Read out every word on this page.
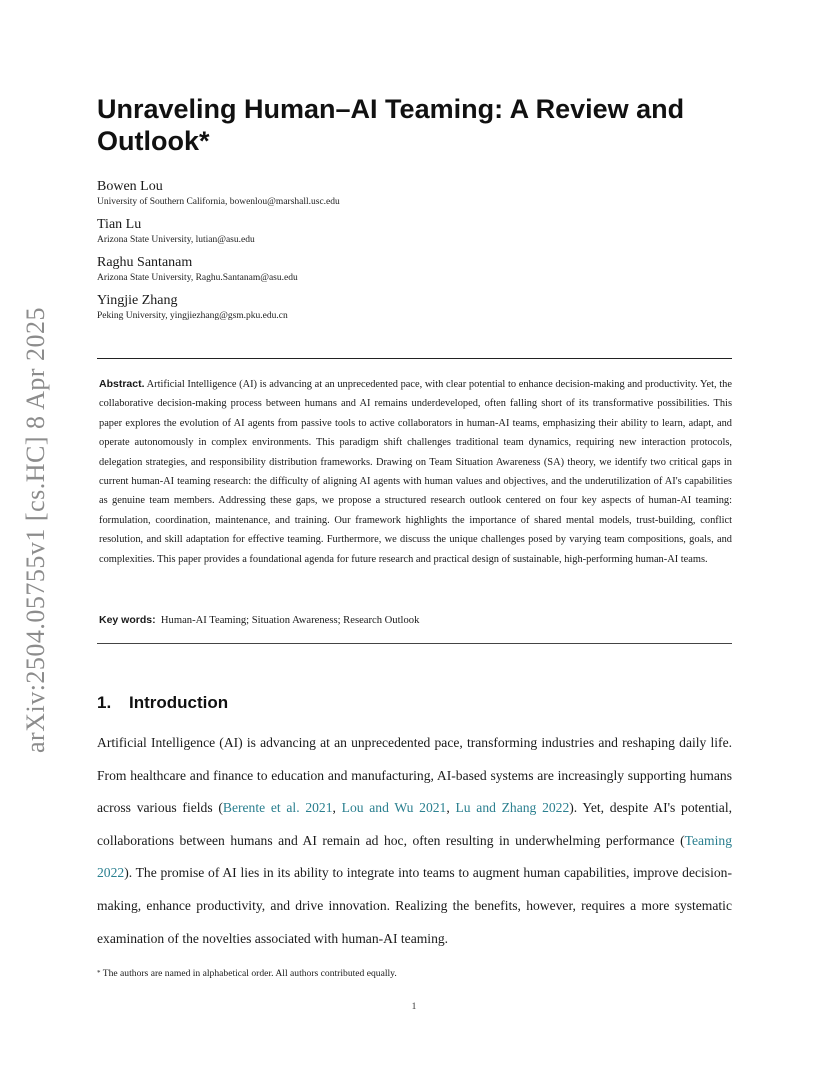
arXiv:2504.05755v1 [cs.HC] 8 Apr 2025
Unraveling Human–AI Teaming: A Review and Outlook*
Bowen Lou
University of Southern California, bowenlou@marshall.usc.edu
Tian Lu
Arizona State University, lutian@asu.edu
Raghu Santanam
Arizona State University, Raghu.Santanam@asu.edu
Yingjie Zhang
Peking University, yingjiezhang@gsm.pku.edu.cn
Abstract. Artificial Intelligence (AI) is advancing at an unprecedented pace, with clear potential to enhance decision-making and productivity. Yet, the collaborative decision-making process between humans and AI remains underdeveloped, often falling short of its transformative possibilities. This paper explores the evolution of AI agents from passive tools to active collaborators in human-AI teams, emphasizing their ability to learn, adapt, and operate autonomously in complex environments. This paradigm shift challenges traditional team dynamics, requiring new interaction protocols, delegation strategies, and responsibility distribution frameworks. Drawing on Team Situation Awareness (SA) theory, we identify two critical gaps in current human-AI teaming research: the difficulty of aligning AI agents with human values and objectives, and the underutilization of AI's capabilities as genuine team members. Addressing these gaps, we propose a structured research outlook centered on four key aspects of human-AI teaming: formulation, coordination, maintenance, and training. Our framework highlights the importance of shared mental models, trust-building, conflict resolution, and skill adaptation for effective teaming. Furthermore, we discuss the unique challenges posed by varying team compositions, goals, and complexities. This paper provides a foundational agenda for future research and practical design of sustainable, high-performing human-AI teams.
Key words: Human-AI Teaming; Situation Awareness; Research Outlook
1. Introduction
Artificial Intelligence (AI) is advancing at an unprecedented pace, transforming industries and reshaping daily life. From healthcare and finance to education and manufacturing, AI-based systems are increasingly supporting humans across various fields (Berente et al. 2021, Lou and Wu 2021, Lu and Zhang 2022). Yet, despite AI's potential, collaborations between humans and AI remain ad hoc, often resulting in underwhelming performance (Teaming 2022). The promise of AI lies in its ability to integrate into teams to augment human capabilities, improve decision-making, enhance productivity, and drive innovation. Realizing the benefits, however, requires a more systematic examination of the novelties associated with human-AI teaming.
* The authors are named in alphabetical order. All authors contributed equally.
1
